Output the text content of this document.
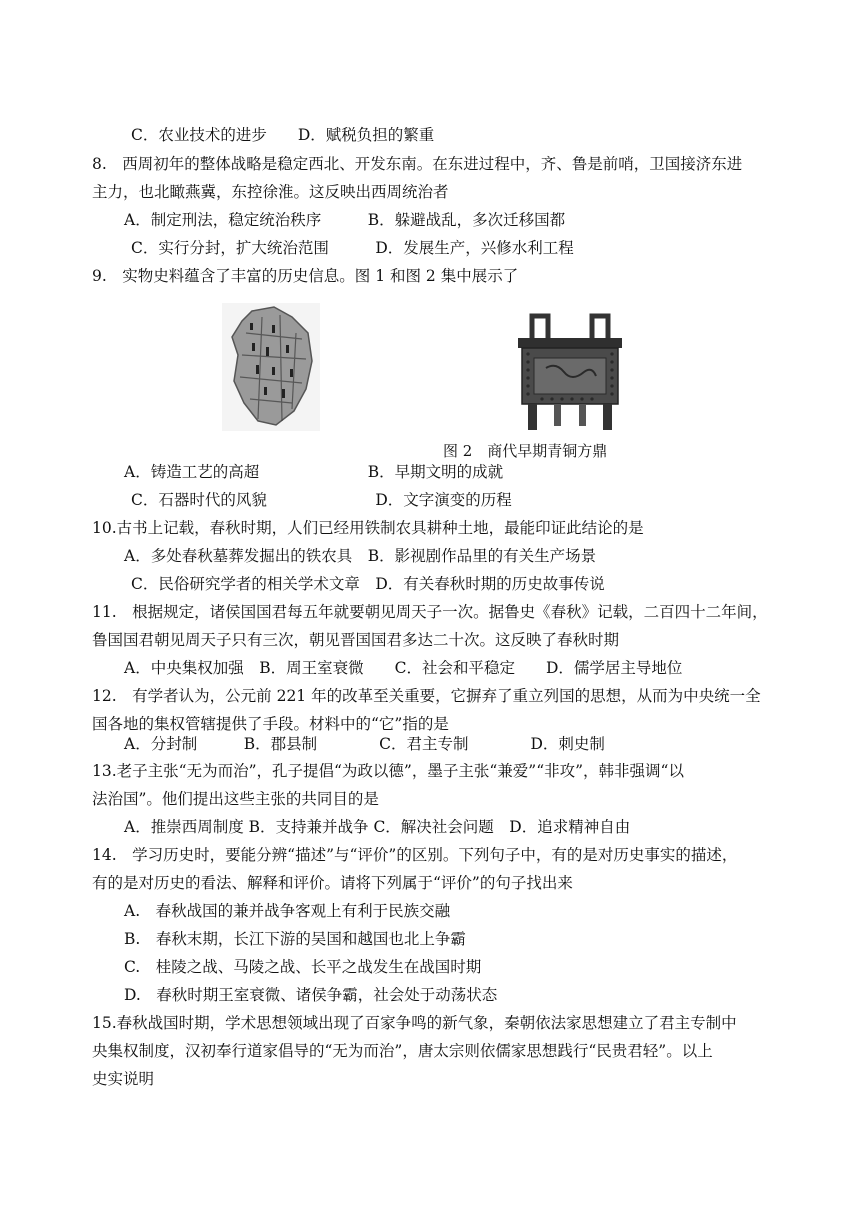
C．农业技术的进步　　D．赋税负担的繁重
8.　西周初年的整体战略是稳定西北、开发东南。在东进过程中，齐、鲁是前哨，卫国接济东进
主力，也北瞰燕冀，东控徐淮。这反映出西周统治者
A．制定刑法，稳定统治秩序　　　B．躲避战乱，多次迁移国都
C．实行分封，扩大统治范围　　　D．发展生产，兴修水利工程
9.　实物史料蕴含了丰富的历史信息。图 1 和图 2 集中展示了
图 2　商代早期青铜方鼎
A．铸造工艺的高超　　　　　　　B．早期文明的成就
C．石器时代的风貌　　　　　　　D．文字演变的历程
10.古书上记载，春秋时期，人们已经用铁制农具耕种土地，最能印证此结论的是
A．多处春秋墓葬发掘出的铁农具　B．影视剧作品里的有关生产场景
C．民俗研究学者的相关学术文章　D．有关春秋时期的历史故事传说
11.　根据规定，诸侯国国君每五年就要朝见周天子一次。据鲁史《春秋》记载，二百四十二年间，
鲁国国君朝见周天子只有三次，朝见晋国国君多达二十次。这反映了春秋时期
A．中央集权加强　B．周王室衰微　　C．社会和平稳定　　D．儒学居主导地位
12.　有学者认为，公元前 221 年的改革至关重要，它摒弃了重立列国的思想，从而为中央统一全
国各地的集权管辖提供了手段。材料中的“它”指的是
A．分封制　　　B．郡县制　　　　C．君主专制　　　　D．刺史制
13.老子主张“无为而治”，孔子提倡“为政以德”，墨子主张“兼爱”“非攻”，韩非强调“以
法治国”。他们提出这些主张的共同目的是
A．推崇西周制度 B．支持兼并战争 C．解决社会问题　D．追求精神自由
14.　学习历史时，要能分辨“描述”与“评价”的区别。下列句子中，有的是对历史事实的描述，
有的是对历史的看法、解释和评价。请将下列属于“评价”的句子找出来
A.　春秋战国的兼并战争客观上有利于民族交融
B.　春秋末期，长江下游的吴国和越国也北上争霸
C.　桂陵之战、马陵之战、长平之战发生在战国时期
D.　春秋时期王室衰微、诸侯争霸，社会处于动荡状态
15.春秋战国时期，学术思想领域出现了百家争鸣的新气象，秦朝依法家思想建立了君主专制中
央集权制度，汉初奉行道家倡导的“无为而治”，唐太宗则依儒家思想践行“民贵君轻”。以上
史实说明
